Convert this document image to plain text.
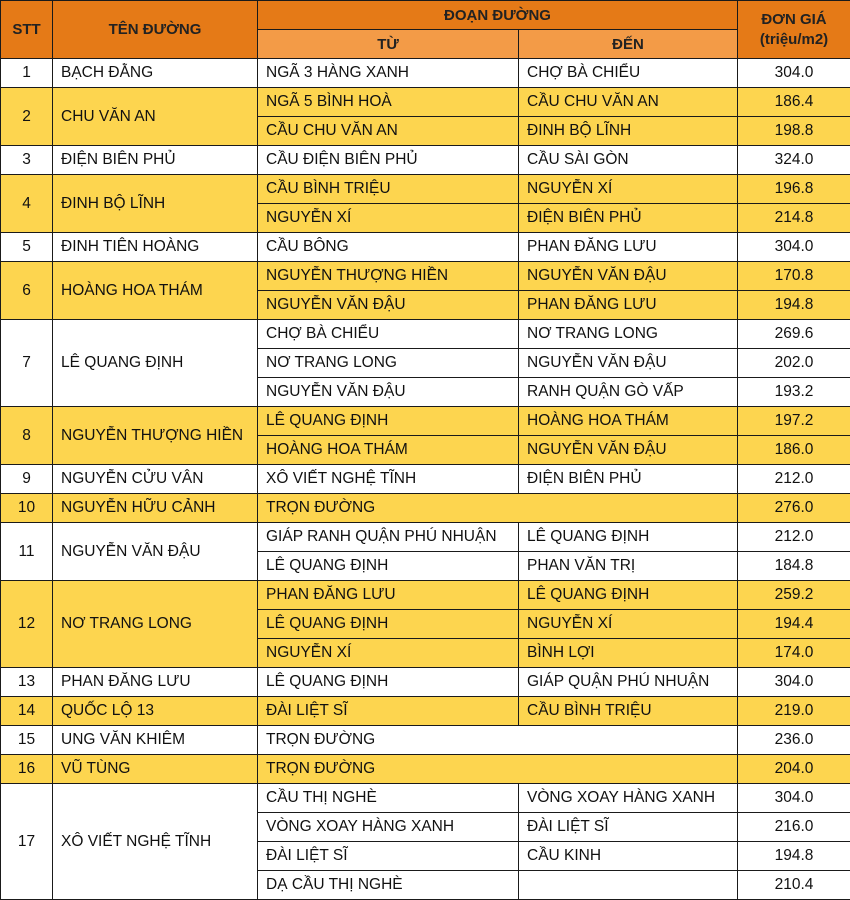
STT	TÊN ĐƯỜNG	ĐOẠN ĐƯỜNG		ĐƠN GIÁ
(triệu/m2)
		TỪ	ĐẾN	
1	BẠCH ĐẰNG	NGÃ 3 HÀNG XANH	CHỢ BÀ CHIỂU	304.0
2	CHU VĂN AN	NGÃ 5 BÌNH HOÀ	CẦU CHU VĂN AN	186.4
		CẦU CHU VĂN AN	ĐINH BỘ LĨNH	198.8
3	ĐIỆN BIÊN PHỦ	CẦU ĐIỆN BIÊN PHỦ	CẦU SÀI GÒN	324.0
4	ĐINH BỘ LĨNH	CẦU BÌNH TRIỆU	NGUYỄN XÍ	196.8
		NGUYỄN XÍ	ĐIỆN BIÊN PHỦ	214.8
5	ĐINH TIÊN HOÀNG	CẦU BÔNG	PHAN ĐĂNG LƯU	304.0
6	HOÀNG HOA THÁM	NGUYỄN THƯỢNG HIỀN	NGUYỄN VĂN ĐẬU	170.8
		NGUYỄN VĂN ĐẬU	PHAN ĐĂNG LƯU	194.8
7	LÊ QUANG ĐỊNH	CHỢ BÀ CHIỂU	NƠ TRANG LONG	269.6
		NƠ TRANG LONG	NGUYỄN VĂN ĐẬU	202.0
		NGUYỄN VĂN ĐẬU	RANH QUẬN GÒ VẤP	193.2
8	NGUYỄN THƯỢNG HIỀN	LÊ QUANG ĐỊNH	HOÀNG HOA THÁM	197.2
		HOÀNG HOA THÁM	NGUYỄN VĂN ĐẬU	186.0
9	NGUYỄN CỬU VÂN	XÔ VIẾT NGHỆ TĨNH	ĐIỆN BIÊN PHỦ	212.0
10	NGUYỄN HỮU CẢNH	TRỌN ĐƯỜNG		276.0
11	NGUYỄN VĂN ĐẬU	GIÁP RANH QUẬN PHÚ NHUẬN	LÊ QUANG ĐỊNH	212.0
		LÊ QUANG ĐỊNH	PHAN VĂN TRỊ	184.8
12	NƠ TRANG LONG	PHAN ĐĂNG LƯU	LÊ QUANG ĐỊNH	259.2
		LÊ QUANG ĐỊNH	NGUYỄN XÍ	194.4
		NGUYỄN XÍ	BÌNH LỢI	174.0
13	PHAN ĐĂNG LƯU	LÊ QUANG ĐỊNH	GIÁP QUẬN PHÚ NHUẬN	304.0
14	QUỐC LỘ 13	ĐÀI LIỆT SĨ	CẦU BÌNH TRIỆU	219.0
15	UNG VĂN KHIÊM	TRỌN ĐƯỜNG		236.0
16	VŨ TÙNG	TRỌN ĐƯỜNG		204.0
17	XÔ VIẾT NGHỆ TĨNH	CẦU THỊ NGHÈ	VÒNG XOAY HÀNG XANH	304.0
		VÒNG XOAY HÀNG XANH	ĐÀI LIỆT SĨ	216.0
		ĐÀI LIỆT SĨ	CẦU KINH	194.8
		DẠ CẦU THỊ NGHÈ		210.4
